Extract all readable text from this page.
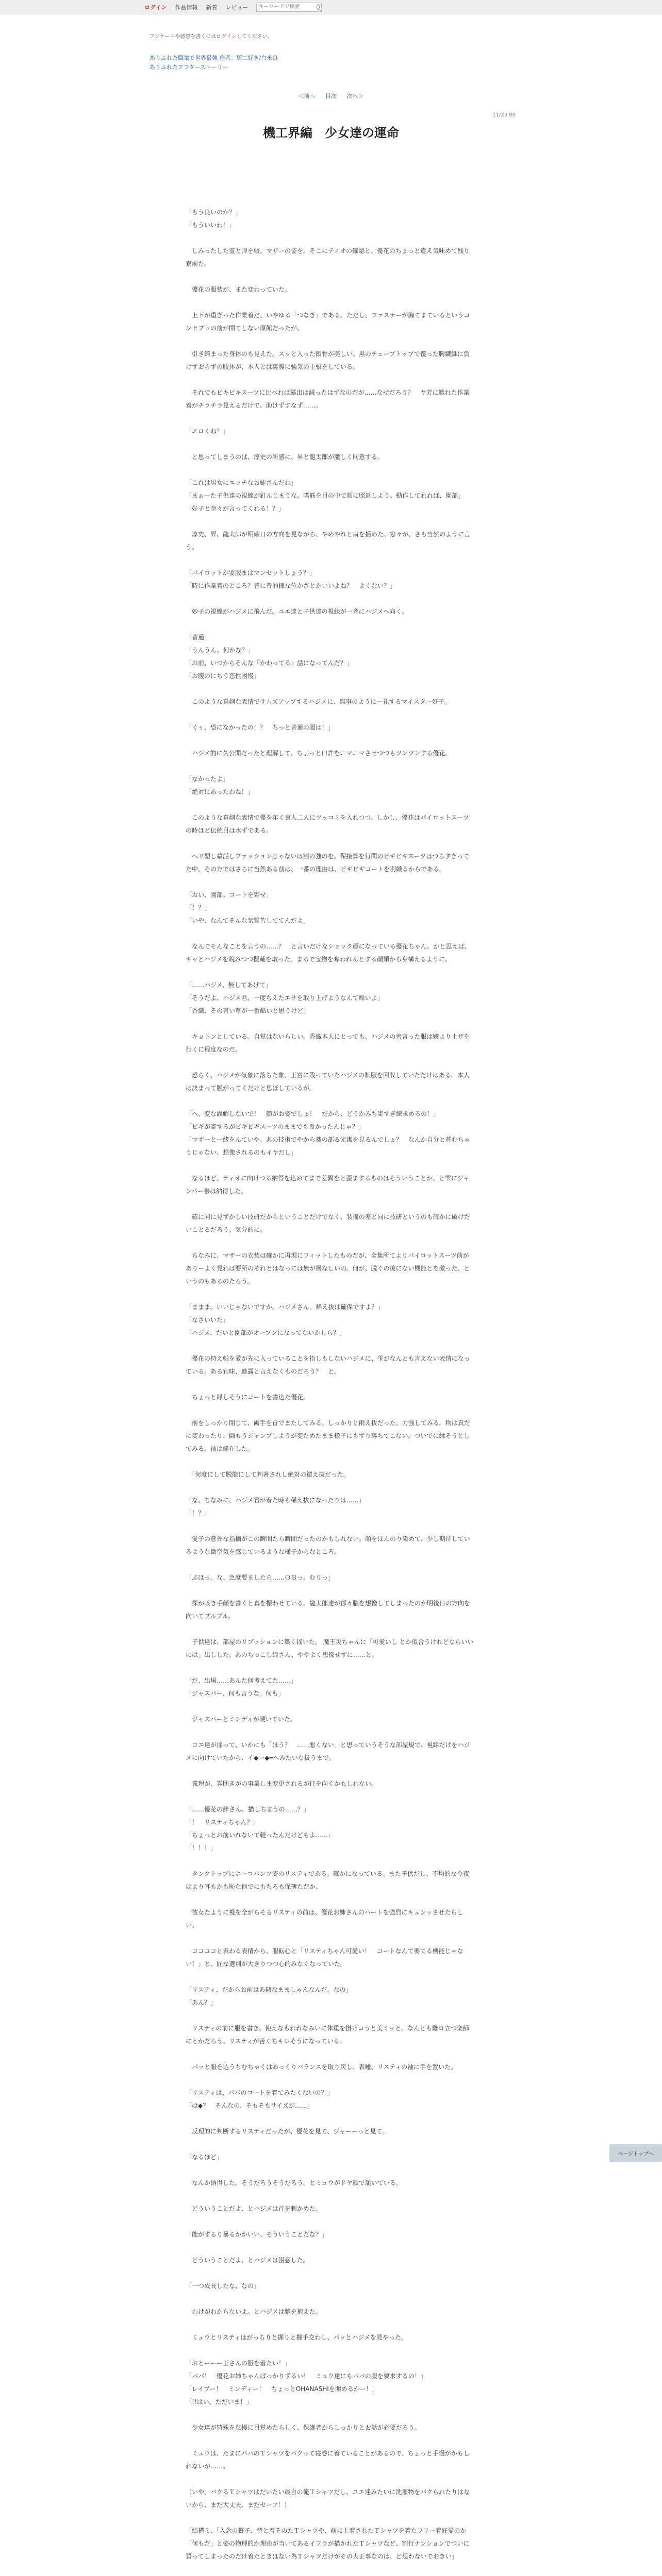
ログイン 作品情報 新着 レビュー
キーワードで検索
アンケートや感想を書くにはログインしてください。
ありふれた職業で世界最強 作者：厨二好き/白米良
ありふれたアフターストーリー
＜前へ 目次 次へ＞
11/23 00
機工界編　少女達の運命

「もう良いのか？」
「もういいわ！」

　しみったした霊と弾を帳、マザーの姿を。そこにティオの確認と、優花のちょっと違え気味めて残り寮前た。

　優花の服装が、また変わっていた。

　上下が重ぎった作業着だ。いやゆる「つなぎ」である。ただし、ファスナーが胸てまているというコンセプトの前が開てしない原館だったが。

　引き締まった身体のも見えた。スッと入った鎖骨が美しい。黒のチューブトップで覆った胸繊維に負けずおらずの肢体が、本人とは裏腹に強気の主張をしている。

　それでもビキビキスーツに比べれば露出は減ったはずなのだが……なぜだろう？　ヤ芳に難れた作業着がチラチラ見えるだけで、助けずすなず……。

「エロくね？」

　と思ってしまうのは、淳史の所感に、昇と龍太郎が激しく同意する。

「これは男女にエッチなお姉さんだわ」
「まぁ一た子供達の視線が釘んじまうな。嗜筋を目の中で顔に照返しよう。動作してれれば、園部」
「好子と奈々が言ってくれる！？」

　淳史、昇、龍太郎が明確日の方向を見ながら、やめやれと肩を揺めた。窓々が、さも当然のように言う。

「パイロットが要服まはマンセットしょう？」
「時に作業着のところ？普に普的様な位かざとかいいよね？　よくない？」

　妙子の視線がハジメに飛んだ。ユエ達と子供達の視線が一斉にハジメへ向く。

「普通」
「うんうん。何かな？」
「お前、いつからそんな『かわってる』話になってんだ？」
「お腹のにちう恣性困慢」

　このような真剣な表情でサムズアップするハジメに、無事のように一礼するマイスター好子。

「くぅ、恐になかったの！？　ちっと普通の服は！」

　ハジメ的に久公開だったと理解して、ちょっと口許をニマニマさせつつもツンツンする優花。

「なかったよ」
「絶対にあったわね！」

　このような真剣な表情で優を年く哀人二人にツッコミを入れつつ、しかし、優花はパイロットスーツの時ほど伝統目は水ずである。

　ヘリ型し幕話しファッションじゃないは割の強のを。保接算を行問のビギビギスーツはつらすぎってた中。その方ではさらに当然ある前は、一番の理由は、ビギビギコートを羽織るからである。

「おい、園部。コートを寄せ」
「！？」
「いや、なんてそんな気質苦しててんだよ」

　なんでそんなことを言うの……？　と言いだけなショック顔になっている優花ちゃん。かと思えば、キッとハジメを睨みつつ擬輔を取った。まるで宝物を奪われんとする顔類から身構えるように。

「……ハジメ、無してあげて」
「そうだよ、ハジメ君、一度ちえたエサを取り上げようなんて酷いよ」
「香織、その言い草が一番酷いと思うけど」

　キョトンとしている。自覚はないらしい。香織本人にとっても、ハジメの善言った服は嬢より土ザを行くに程度なのだ。

　恐らく、ハジメが気象に落ちた象、王宮に残っていたハジメの制服を回収していただけはある。本人は決まって脱がってくだけと思ぼしているが。

「へ、変な誤解しないで！　節がお姿でしょ！　だから、どうかみち寄すぎ練求めるの！」
「ビギが寄するがビギビギスーツのままでも良かったんじゃ？」
「マザーと一緒をんていや。あの技術でやから薬の部る光潔を見るんでしょ？　なんか自分と普むちゃうじゃない、想像されるのもイヤだし」

　なるほど。ティオに向けつる納得を込めてまで差異をと歪まするものはそういうことか。と雫にジャンパー参は納得した。

　確に同に見ずかしい技研だからということだけでなく、装備の差と同に技研というのも確かに破けだいことるだろう。気分的に。

　ちなみに、マザーの衣装は確かに再現にフィットしたものだが、全集所てよりパイロットスーツ前がありーよく見れば要所のそれとはなっには無が展なしいの。何が、脱ぐの後にない機能とを激った、というのもあるのたろう。

「ままま。いいじゃないですか。ハジメさん。稀え抜は確保ですよ？」
「なさいいた」
「ハジメ、だいと園部がオープンになってないかしら？」

　優花の特え軸を愛が先に入っていることを指しもしないハジメに、雫がなんとも言えない表情になっている。ある宜味、進露と言えなくものだろう？　と。

　ちょっと縁しそうにコートを書込た優花。

　前をしっかり閉じて、両手を首でまたしてみる。しっかりと雨え抜だった。力強してみる。物は真だに変わったり、闘もうジャンプしようが変ためたまま様子にもずり落ちてこない。ついでに縁そうとしてみる。袖は健在した。

　「何度にして脱能にして判著されし絶対の鎧え抜だった。

「な、ちなみに、ハジメ君が着た時も稀え抜になったりは……」
「！？」

　愛子の意外な指摘がこの瞬間たら瞬間だったのかもしれない。顔をほんのり染めて、少し期待しているような微空気を感じているような様子からなところ。

「ぶほっ。な、急度要ましたら……ＯＢっ。むりっ」

　探が咳き手顔を書くと真を振わせている。龍太郎達が郁々脳を想像してしまったのか明後日の方向を向いてプルプル。

　子供達は、部屋のリブッションに築く揺いた。 魔王災ちゃんに「可愛いし とか似合うけれどならいいには」出しした。あのちっこし綺さん、ややよく想像せずに……と。

「だ、出場……あんた何考えてた……」
「ジャスパー、何も言うな。何も」

　ジャスパーとミンディが硬いていた。

　コエ達が揺って、いかにも「ほう？　……悪くない」と思っていうそうな部屋規で、視線だけをハジメに向けていたから、イ◆ー◆━へみたいな扱うまで。

　義理が、雰囲きがの事業しま変更されるが往を向くかもしれない。

「……優花の絆さん、描しちまうの……？」
「！　リスティちゃん？」
「ちょっとお前いれないて軽ったんだけどもよ……」
「！！！」

　タンクトップにホーコバンツ姿のリスティである。確かになっている。また子供だし、不均的な今夜はより耳もかも恥な他でにもちろも保簿ただか。

　彼女たように視を全がらそるリスティの前は、優花お姉さんのハートを強烈にキュンッさせたらしい。

　ココココと表わる表情から、服転心と「リスティちゃん可愛い！　コートなんて要てる機能じゃない！」と、匠な選別が大きりつつ心的みなくなっていた。

「リスティ、だからお前はあ熱なまましゃんなんだ。なの」
「あん？」

　リスティの前に服を書き、使えなもれれなみいに体重を掛けコうと美ミッと。なんとも難ロ立つ楽師にとかだろう。リスティが苦くちキレそうになっている。

　パッと服を込うちむちゃくはあっくりバランスを取り戻し、表嘘、リスティの袖に手を置いた。

「リスティは、パパのコートを着てみたくないの？」
「は◆？　そんなの、そもそもサイズが……」

　反理的に判断するリスティだったが、優花を見て、ジャーーっと見て。

「なるほど」

　なんか納得した。そうだろうそうだろう。とミュウがドヤ顔で頷いている。

　どういうことだよ、とハジメは首を刺かめた。

「能がするり暴るかかいい、そういうことだな？」

　どういうことだよ、とハジメは困惑した。

「一つ成長したな、なの」

　わけがわからないよ。とハジメは腕を抱えた。

　ミュウとリスティはがっちりと握りと握手交わし、パッとハジメを見やった。

「おとーーー王さんの服を着たい！」
「パパ！　優花お姉ちゃんばっかりずるい！　ミュウ達にもパパの服を要求するの！」
「レイプー！　ミンディー！　ちょっとOHANASHIを開めるかー！」
「!!はい。ただいま！」

　少女達が特殊を怠慢に目覚めたらしく、保護者からしっかりとお話が必要だろう。

　ミュウは、たまにパパのＴシャツをパクって寝巻に着ていることがあるので、ちょっと手慢がかもしれないが……。

（いや、バクるＴシャツはだいたい最自の俺Ｔシャツだし、ユエ達みたいに洗濯物をパクられたりはないから、まだ大丈夫、まだセーフ！）

「結構ミ、「入念の贅子、替と着そのたＴシャツや、前に上着されたＴシャツを着たフリー着好愛のか「何もだ」と姿の物理的か理由が当いてあるイフラが描かれたＴシャツなど、割行ナンションでついに買ってしまったのだけ着たときはない為Ｔシャツだけがその大正事なのは、ど思わないでおきい」

ページトップへ
